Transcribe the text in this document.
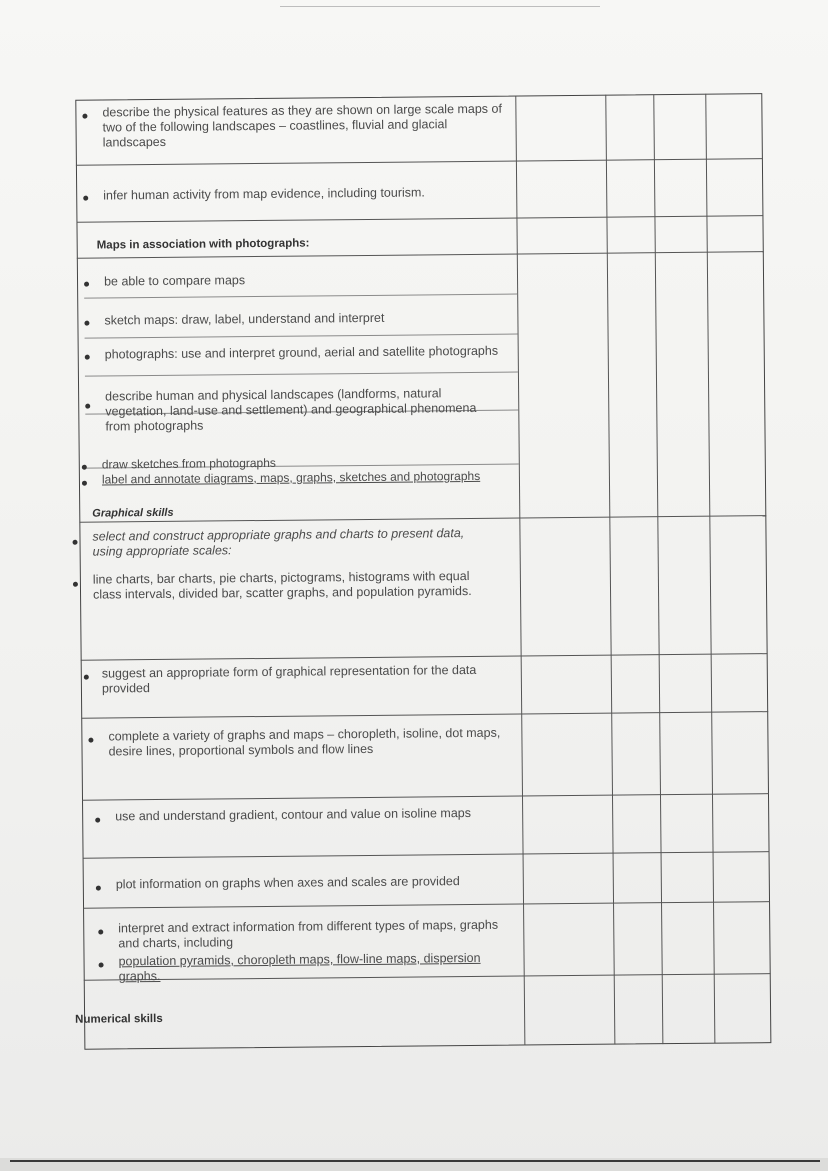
describe the physical features as they are shown on large scale maps of two of the following landscapes – coastlines, fluvial and glacial landscapes
infer human activity from map evidence, including tourism.
Maps in association with photographs:
be able to compare maps
sketch maps: draw, label, understand and interpret
photographs: use and interpret ground, aerial and satellite photographs
describe human and physical landscapes (landforms, natural vegetation, land-use and settlement) and geographical phenomena from photographs
draw sketches from photographs
label and annotate diagrams, maps, graphs, sketches and photographs
Graphical skills
select and construct appropriate graphs and charts to present data, using appropriate scales:
line charts, bar charts, pie charts, pictograms, histograms with equal class intervals, divided bar, scatter graphs, and population pyramids.
suggest an appropriate form of graphical representation for the data provided
complete a variety of graphs and maps – choropleth, isoline, dot maps, desire lines, proportional symbols and flow lines
use and understand gradient, contour and value on isoline maps
plot information on graphs when axes and scales are provided
interpret and extract information from different types of maps, graphs and charts, including
population pyramids, choropleth maps, flow-line maps, dispersion graphs.
Numerical skills
